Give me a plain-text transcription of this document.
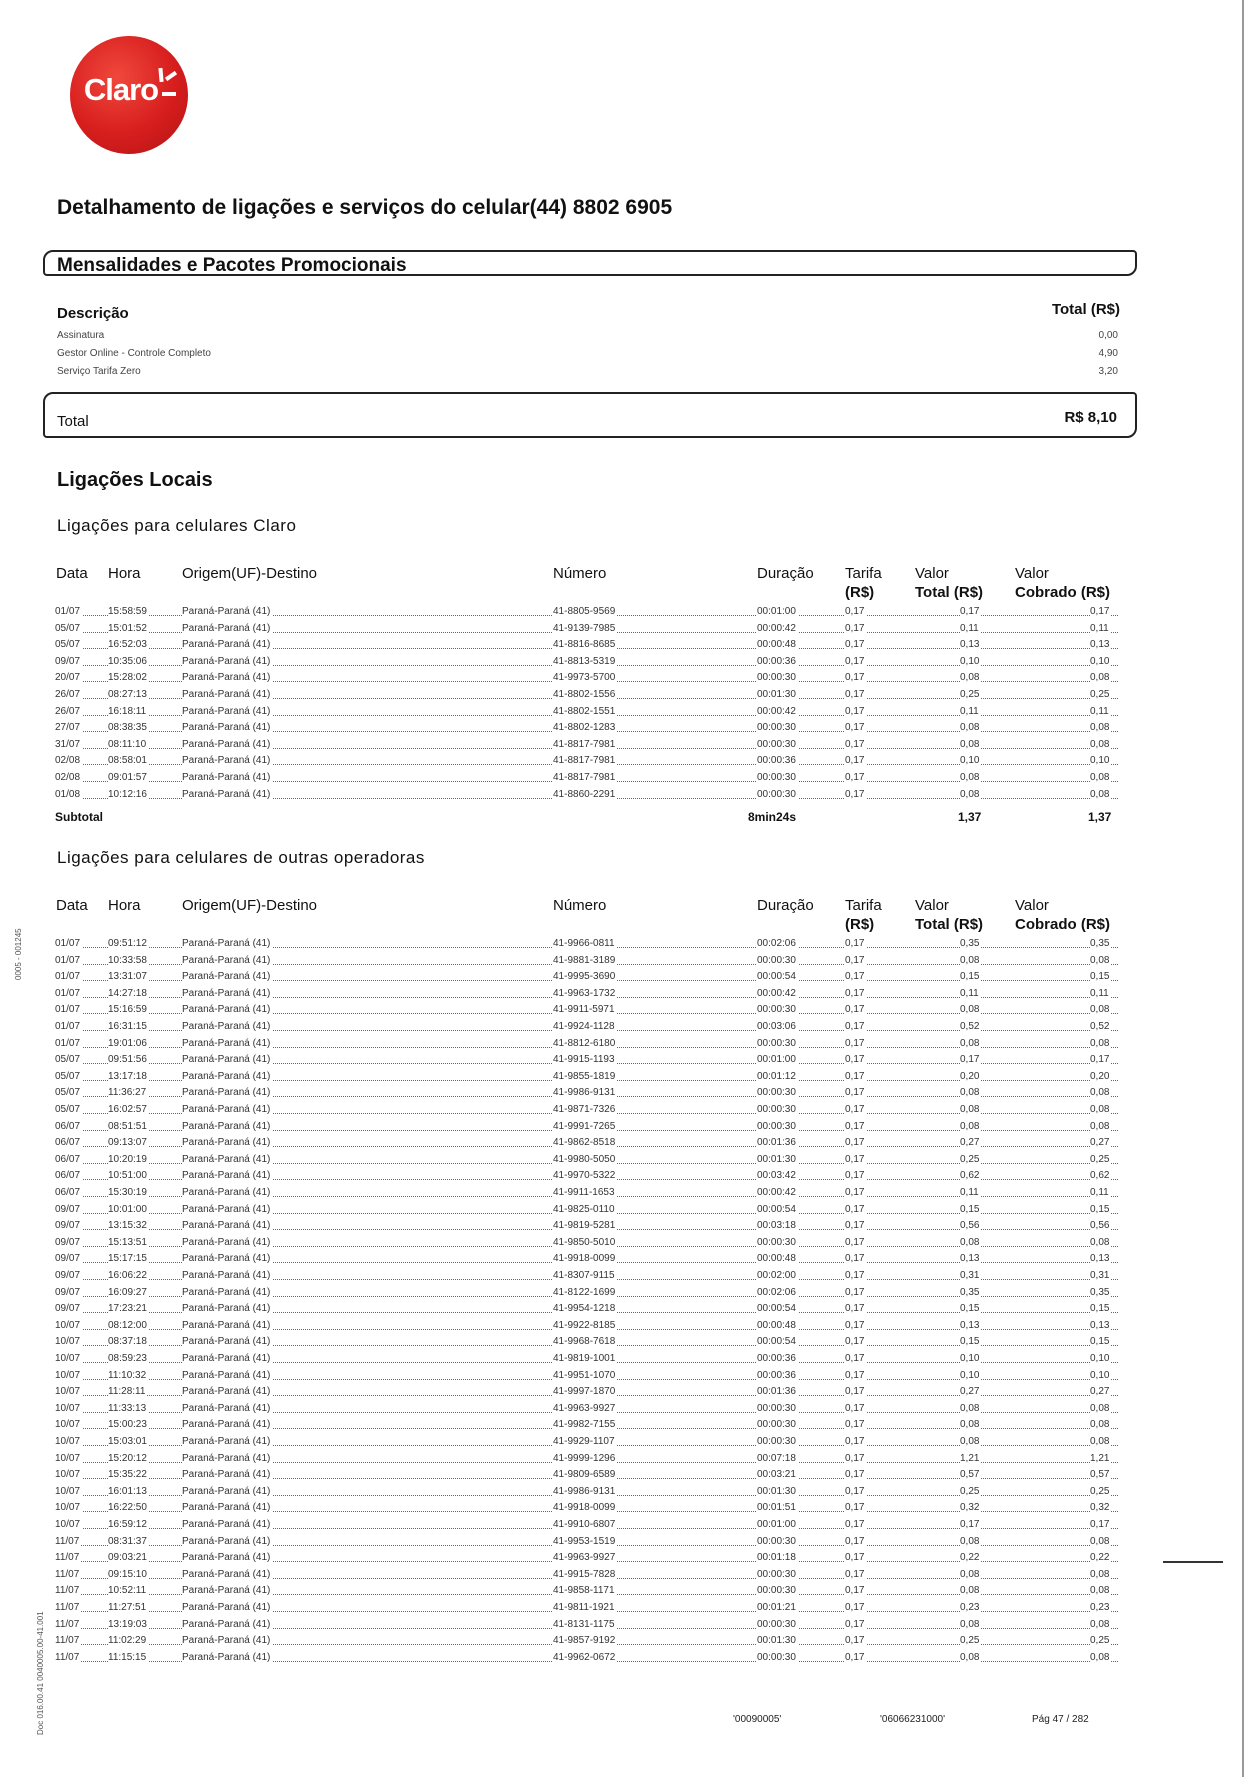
Claro
Detalhamento de ligações e serviços do celular(44) 8802 6905
Mensalidades e Pacotes Promocionais
Descrição	Total (R$)
Assinatura	0,00
Gestor Online - Controle Completo	4,90
Serviço Tarifa Zero	3,20
Total	R$ 8,10
Ligações Locais
Ligações para celulares Claro
Data Hora	Origem(UF)-Destino	Número	Duração Tarifa Valor	Valor
(R$)	Total (R$) Cobrado (R$)
01/07	15:58:59	Paraná-Paraná (41)	41-8805-9569	00:01:00	0,17	0,17	0,17
05/07	15:01:52	Paraná-Paraná (41)	41-9139-7985	00:00:42	0,17	0,11	0,11
05/07	16:52:03	Paraná-Paraná (41)	41-8816-8685	00:00:48	0,17	0,13	0,13
09/07	10:35:06	Paraná-Paraná (41)	41-8813-5319	00:00:36	0,17	0,10	0,10
20/07	15:28:02	Paraná-Paraná (41)	41-9973-5700	00:00:30	0,17	0,08	0,08
26/07	08:27:13	Paraná-Paraná (41)	41-8802-1556	00:01:30	0,17	0,25	0,25
26/07	16:18:11	Paraná-Paraná (41)	41-8802-1551	00:00:42	0,17	0,11	0,11
27/07	08:38:35	Paraná-Paraná (41)	41-8802-1283	00:00:30	0,17	0,08	0,08
31/07	08:11:10	Paraná-Paraná (41)	41-8817-7981	00:00:30	0,17	0,08	0,08
02/08	08:58:01	Paraná-Paraná (41)	41-8817-7981	00:00:36	0,17	0,10	0,10
02/08	09:01:57	Paraná-Paraná (41)	41-8817-7981	00:00:30	0,17	0,08	0,08
01/08	10:12:16	Paraná-Paraná (41)	41-8860-2291	00:00:30	0,17	0,08	0,08
Subtotal	8min24s	1,37	1,37
Ligações para celulares de outras operadoras
Data Hora	Origem(UF)-Destino	Número	Duração Tarifa Valor	Valor
(R$)	Total (R$) Cobrado (R$)
01/07	09:51:12	Paraná-Paraná (41)	41-9966-0811	00:02:06	0,17	0,35	0,35
01/07	10:33:58	Paraná-Paraná (41)	41-9881-3189	00:00:30	0,17	0,08	0,08
01/07	13:31:07	Paraná-Paraná (41)	41-9995-3690	00:00:54	0,17	0,15	0,15
01/07	14:27:18	Paraná-Paraná (41)	41-9963-1732	00:00:42	0,17	0,11	0,11
01/07	15:16:59	Paraná-Paraná (41)	41-9911-5971	00:00:30	0,17	0,08	0,08
01/07	16:31:15	Paraná-Paraná (41)	41-9924-1128	00:03:06	0,17	0,52	0,52
01/07	19:01:06	Paraná-Paraná (41)	41-8812-6180	00:00:30	0,17	0,08	0,08
05/07	09:51:56	Paraná-Paraná (41)	41-9915-1193	00:01:00	0,17	0,17	0,17
05/07	13:17:18	Paraná-Paraná (41)	41-9855-1819	00:01:12	0,17	0,20	0,20
05/07	11:36:27	Paraná-Paraná (41)	41-9986-9131	00:00:30	0,17	0,08	0,08
05/07	16:02:57	Paraná-Paraná (41)	41-9871-7326	00:00:30	0,17	0,08	0,08
06/07	08:51:51	Paraná-Paraná (41)	41-9991-7265	00:00:30	0,17	0,08	0,08
06/07	09:13:07	Paraná-Paraná (41)	41-9862-8518	00:01:36	0,17	0,27	0,27
06/07	10:20:19	Paraná-Paraná (41)	41-9980-5050	00:01:30	0,17	0,25	0,25
06/07	10:51:00	Paraná-Paraná (41)	41-9970-5322	00:03:42	0,17	0,62	0,62
06/07	15:30:19	Paraná-Paraná (41)	41-9911-1653	00:00:42	0,17	0,11	0,11
09/07	10:01:00	Paraná-Paraná (41)	41-9825-0110	00:00:54	0,17	0,15	0,15
09/07	13:15:32	Paraná-Paraná (41)	41-9819-5281	00:03:18	0,17	0,56	0,56
09/07	15:13:51	Paraná-Paraná (41)	41-9850-5010	00:00:30	0,17	0,08	0,08
09/07	15:17:15	Paraná-Paraná (41)	41-9918-0099	00:00:48	0,17	0,13	0,13
09/07	16:06:22	Paraná-Paraná (41)	41-8307-9115	00:02:00	0,17	0,31	0,31
09/07	16:09:27	Paraná-Paraná (41)	41-8122-1699	00:02:06	0,17	0,35	0,35
09/07	17:23:21	Paraná-Paraná (41)	41-9954-1218	00:00:54	0,17	0,15	0,15
10/07	08:12:00	Paraná-Paraná (41)	41-9922-8185	00:00:48	0,17	0,13	0,13
10/07	08:37:18	Paraná-Paraná (41)	41-9968-7618	00:00:54	0,17	0,15	0,15
10/07	08:59:23	Paraná-Paraná (41)	41-9819-1001	00:00:36	0,17	0,10	0,10
10/07	11:10:32	Paraná-Paraná (41)	41-9951-1070	00:00:36	0,17	0,10	0,10
10/07	11:28:11	Paraná-Paraná (41)	41-9997-1870	00:01:36	0,17	0,27	0,27
10/07	11:33:13	Paraná-Paraná (41)	41-9963-9927	00:00:30	0,17	0,08	0,08
10/07	15:00:23	Paraná-Paraná (41)	41-9982-7155	00:00:30	0,17	0,08	0,08
10/07	15:03:01	Paraná-Paraná (41)	41-9929-1107	00:00:30	0,17	0,08	0,08
10/07	15:20:12	Paraná-Paraná (41)	41-9999-1296	00:07:18	0,17	1,21	1,21
10/07	15:35:22	Paraná-Paraná (41)	41-9809-6589	00:03:21	0,17	0,57	0,57
10/07	16:01:13	Paraná-Paraná (41)	41-9986-9131	00:01:30	0,17	0,25	0,25
10/07	16:22:50	Paraná-Paraná (41)	41-9918-0099	00:01:51	0,17	0,32	0,32
10/07	16:59:12	Paraná-Paraná (41)	41-9910-6807	00:01:00	0,17	0,17	0,17
11/07	08:31:37	Paraná-Paraná (41)	41-9953-1519	00:00:30	0,17	0,08	0,08
11/07	09:03:21	Paraná-Paraná (41)	41-9963-9927	00:01:18	0,17	0,22	0,22
11/07	09:15:10	Paraná-Paraná (41)	41-9915-7828	00:00:30	0,17	0,08	0,08
11/07	10:52:11	Paraná-Paraná (41)	41-9858-1171	00:00:30	0,17	0,08	0,08
11/07	11:27:51	Paraná-Paraná (41)	41-9811-1921	00:01:21	0,17	0,23	0,23
11/07	13:19:03	Paraná-Paraná (41)	41-8131-1175	00:00:30	0,17	0,08	0,08
11/07	11:02:29	Paraná-Paraná (41)	41-9857-9192	00:01:30	0,17	0,25	0,25
11/07	11:15:15	Paraná-Paraná (41)	41-9962-0672	00:00:30	0,17	0,08	0,08
'00090005'	'06066231000'	Pág 47 / 282
0005 - 001245
Doc 016.00.41 0040005.00-41.001
